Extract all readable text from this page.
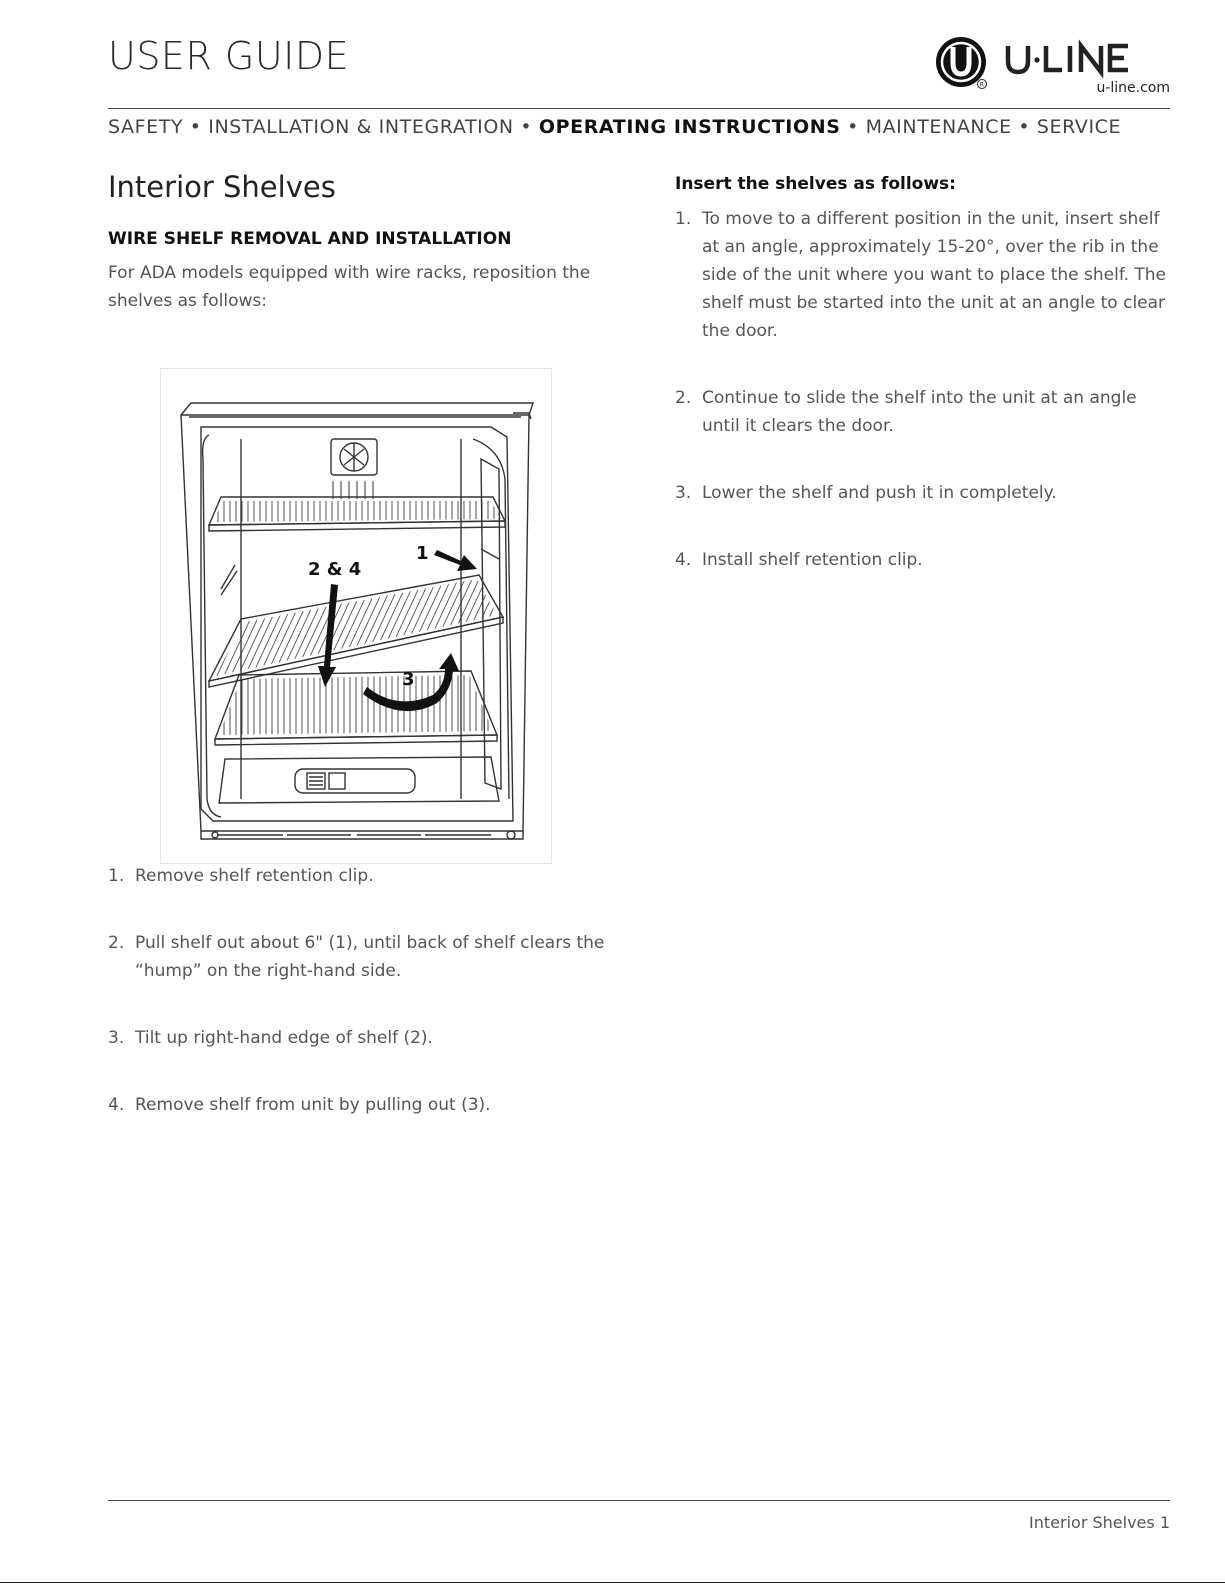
USER GUIDE
R	u-line.com
SAFETY • INSTALLATION & INTEGRATION • OPERATING INSTRUCTIONS • MAINTENANCE • SERVICE
Interior Shelves
WIRE SHELF REMOVAL AND INSTALLATION
For ADA models equipped with wire racks, reposition the shelves as follows:
1
2 & 4
3
1. Remove shelf retention clip.
2. Pull shelf out about 6" (1), until back of shelf clears the “hump” on the right-hand side.
3. Tilt up right-hand edge of shelf (2).
4. Remove shelf from unit by pulling out (3).
Insert the shelves as follows:
1. To move to a different position in the unit, insert shelf at an angle, approximately 15-20°, over the rib in the side of the unit where you want to place the shelf. The shelf must be started into the unit at an angle to clear the door.
2. Continue to slide the shelf into the unit at an angle until it clears the door.
3. Lower the shelf and push it in completely.
4. Install shelf retention clip.
Interior Shelves 1
